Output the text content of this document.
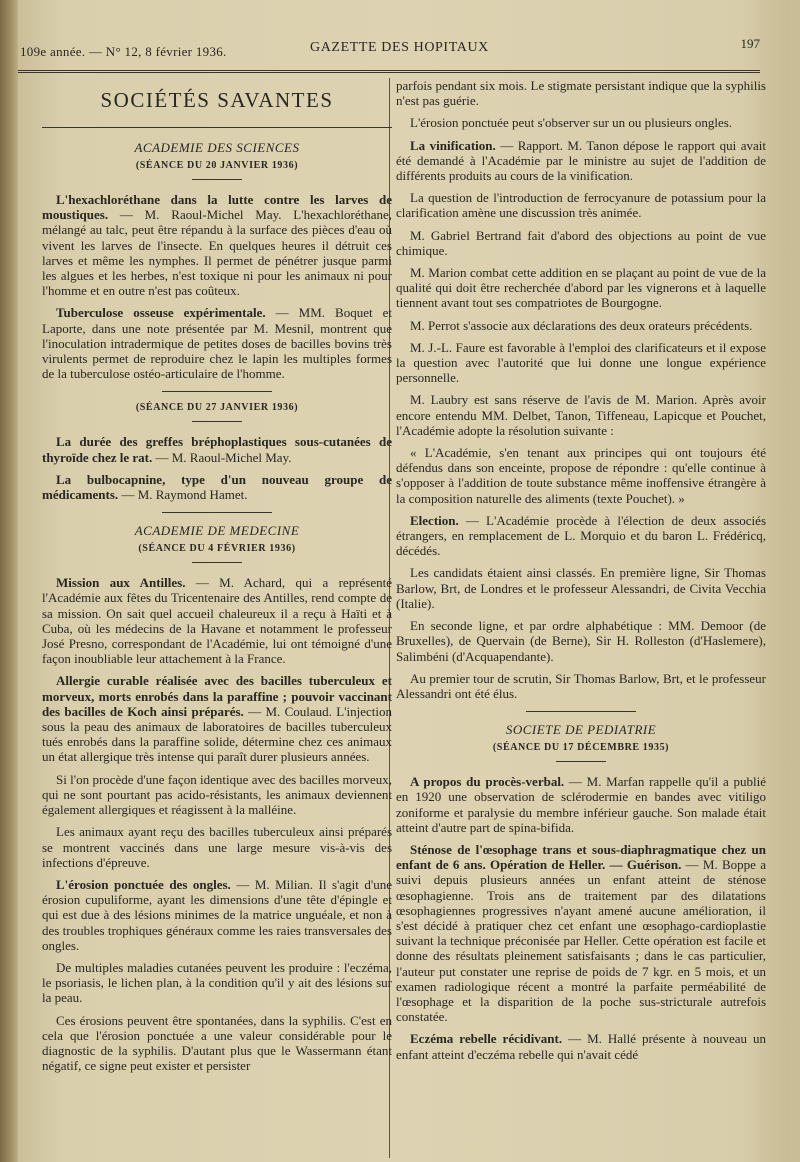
109e année. — N° 12, 8 février 1936.	GAZETTE DES HOPITAUX	197
SOCIÉTÉS SAVANTES
ACADEMIE DES SCIENCES
(SÉANCE DU 20 JANVIER 1936)

L'hexachloréthane dans la lutte contre les larves de moustiques. — M. Raoul-Michel May. L'hexachloréthane, mélangé au talc, peut être répandu à la surface des pièces d'eau où vivent les larves de l'insecte. En quelques heures il détruit ces larves et même les nymphes. Il permet de pénétrer jusque parmi les algues et les herbes, n'est toxique ni pour les animaux ni pour l'homme et en outre n'est pas coûteux.

Tuberculose osseuse expérimentale. — MM. Boquet et Laporte, dans une note présentée par M. Mesnil, montrent que l'inoculation intradermique de petites doses de bacilles bovins très virulents permet de reproduire chez le lapin les multiples formes de la tuberculose ostéo-articulaire de l'homme.

(SÉANCE DU 27 JANVIER 1936)

La durée des greffes bréphoplastiques sous-cutanées de thyroïde chez le rat. — M. Raoul-Michel May.

La bulbocapnine, type d'un nouveau groupe de médicaments. — M. Raymond Hamet.

ACADEMIE DE MEDECINE
(SÉANCE DU 4 FÉVRIER 1936)

Mission aux Antilles. — M. Achard, qui a représenté l'Académie aux fêtes du Tricentenaire des Antilles, rend compte de sa mission. On sait quel accueil chaleureux il a reçu à Haïti et à Cuba, où les médecins de la Havane et notamment le professeur José Presno, correspondant de l'Académie, lui ont témoigné d'une façon inoubliable leur attachement à la France.

Allergie curable réalisée avec des bacilles tuberculeux et morveux, morts enrobés dans la paraffine ; pouvoir vaccinant des bacilles de Koch ainsi préparés. — M. Coulaud. L'injection sous la peau des animaux de laboratoires de bacilles tuberculeux tués enrobés dans la paraffine solide, détermine chez ces animaux un état allergique très intense qui paraît durer plusieurs années.

Si l'on procède d'une façon identique avec des bacilles morveux, qui ne sont pourtant pas acido-résistants, les animaux deviennent également allergiques et réagissent à la malléine.

Les animaux ayant reçu des bacilles tuberculeux ainsi préparés se montrent vaccinés dans une large mesure vis-à-vis des infections d'épreuve.

L'érosion ponctuée des ongles. — M. Milian. Il s'agit d'une érosion cupuliforme, ayant les dimensions d'une tête d'épingle et qui est due à des lésions minimes de la matrice unguéale, et non à des troubles trophiques généraux comme les raies transversales des ongles.

De multiples maladies cutanées peuvent les produire : l'eczéma, le psoriasis, le lichen plan, à la condition qu'il y ait des lésions sur la peau.

Ces érosions peuvent être spontanées, dans la syphilis. C'est en cela que l'érosion ponctuée a une valeur considérable pour le diagnostic de la syphilis. D'autant plus que le Wassermann étant négatif, ce signe peut exister et persister

parfois pendant six mois. Le stigmate persistant indique que la syphilis n'est pas guérie.

L'érosion ponctuée peut s'observer sur un ou plusieurs ongles.

La vinification. — Rapport. M. Tanon dépose le rapport qui avait été demandé à l'Académie par le ministre au sujet de l'addition de différents produits au cours de la vinification.

La question de l'introduction de ferrocyanure de potassium pour la clarification amène une discussion très animée.

M. Gabriel Bertrand fait d'abord des objections au point de vue chimique.

M. Marion combat cette addition en se plaçant au point de vue de la qualité qui doit être recherchée d'abord par les vignerons et à laquelle tiennent avant tout ses compatriotes de Bourgogne.

M. Perrot s'associe aux déclarations des deux orateurs précédents.

M. J.-L. Faure est favorable à l'emploi des clarificateurs et il expose la question avec l'autorité que lui donne une longue expérience personnelle.

M. Laubry est sans réserve de l'avis de M. Marion. Après avoir encore entendu MM. Delbet, Tanon, Tiffeneau, Lapicque et Pouchet, l'Académie adopte la résolution suivante :

« L'Académie, s'en tenant aux principes qui ont toujours été défendus dans son enceinte, propose de répondre : qu'elle continue à s'opposer à l'addition de toute substance même inoffensive étrangère à la composition naturelle des aliments (texte Pouchet). »

Election. — L'Académie procède à l'élection de deux associés étrangers, en remplacement de L. Morquio et du baron L. Frédéricq, décédés.

Les candidats étaient ainsi classés. En première ligne, Sir Thomas Barlow, Brt, de Londres et le professeur Alessandri, de Civita Vecchia (Italie).

En seconde ligne, et par ordre alphabétique : MM. Demoor (de Bruxelles), de Quervain (de Berne), Sir H. Rolleston (d'Haslemere), Salimbéni (d'Acquapendante).

Au premier tour de scrutin, Sir Thomas Barlow, Brt, et le professeur Alessandri ont été élus.

SOCIETE DE PEDIATRIE
(SÉANCE DU 17 DÉCEMBRE 1935)

A propos du procès-verbal. — M. Marfan rappelle qu'il a publié en 1920 une observation de sclérodermie en bandes avec vitiligo zoniforme et paralysie du membre inférieur gauche. Son malade était atteint d'autre part de spina-bifida.

Sténose de l'œsophage trans et sous-diaphragmatique chez un enfant de 6 ans. Opération de Heller. — Guérison. — M. Boppe a suivi depuis plusieurs années un enfant atteint de sténose œsophagienne. Trois ans de traitement par des dilatations œsophagiennes progressives n'ayant amené aucune amélioration, il s'est décidé à pratiquer chez cet enfant une œsophago-cardioplastie suivant la technique préconisée par Heller. Cette opération est facile et donne des résultats pleinement satisfaisants ; dans le cas particulier, l'auteur put constater une reprise de poids de 7 kgr. en 5 mois, et un examen radiologique récent a montré la parfaite perméabilité de l'œsophage et la disparition de la poche sus-stricturale autrefois constatée.

Eczéma rebelle récidivant. — M. Hallé présente à nouveau un enfant atteint d'eczéma rebelle qui n'avait cédé
